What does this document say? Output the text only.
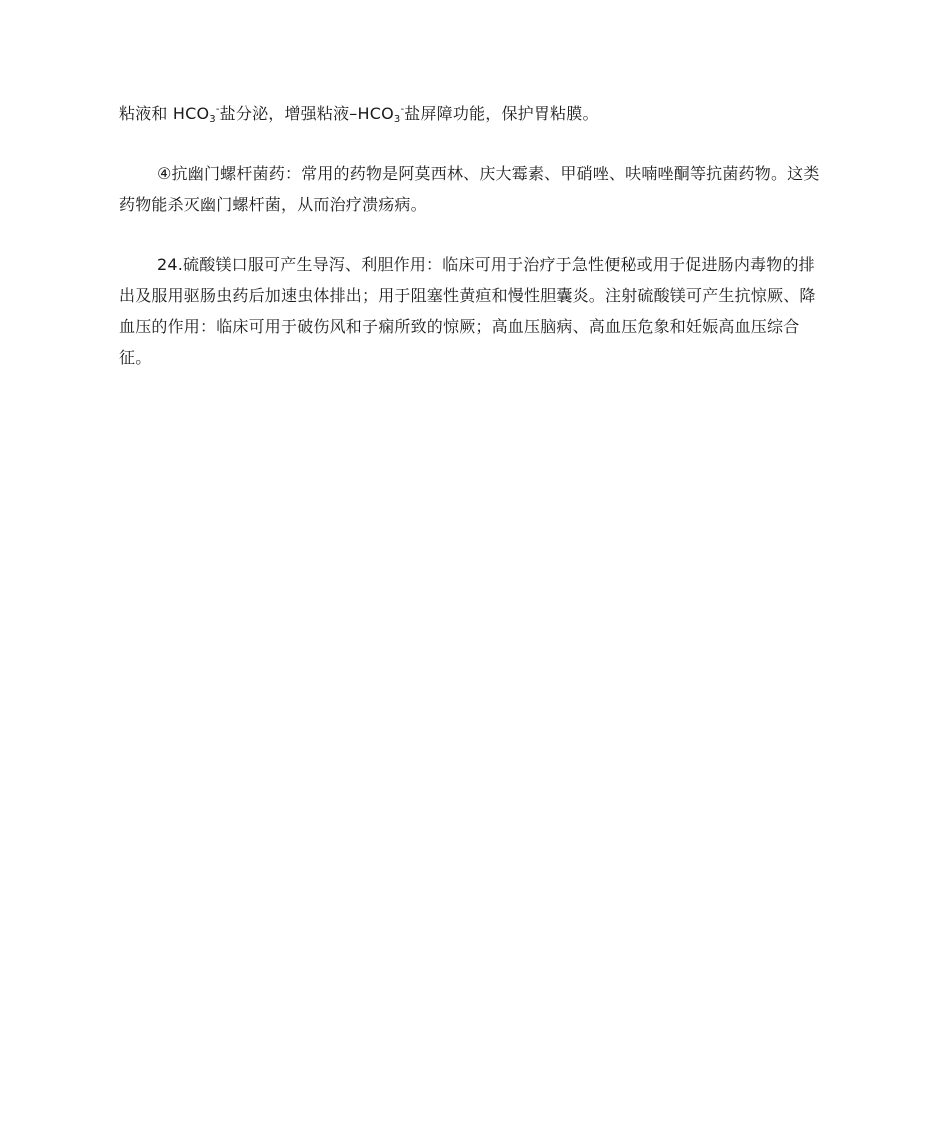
粘液和 $HCO_3^-$盐分泌，增强粘液$-HCO_3^-$盐屏障功能，保护胃粘膜。

④抗幽门螺杆菌药：常用的药物是阿莫西林、庆大霉素、甲硝唑、呋喃唑酮等抗菌药物。这类药物能杀灭幽门螺杆菌，从而治疗溃疡病。

24.硫酸镁口服可产生导泻、利胆作用：临床可用于治疗于急性便秘或用于促进肠内毒物的排出及服用驱肠虫药后加速虫体排出；用于阻塞性黄疸和慢性胆囊炎。注射硫酸镁可产生抗惊厥、降血压的作用：临床可用于破伤风和子痫所致的惊厥；高血压脑病、高血压危象和妊娠高血压综合征。
